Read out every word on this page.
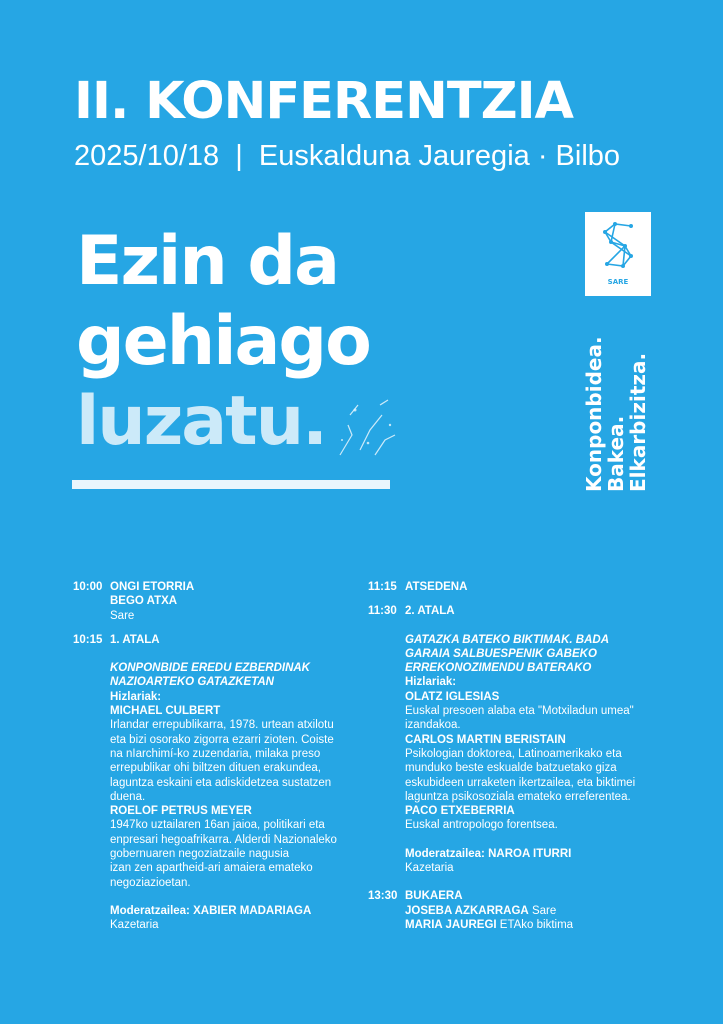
II. KONFERENTZIA
2025/10/18  |  Euskalduna Jauregia · Bilbo
Ezin da
gehiago
luzatu.
SARE
Konponbidea.
Bakea.
Elkarbizitza.
10:00 ONGI ETORRIA
BEGO ATXA
Sare
10:15 1. ATALA
KONPONBIDE EREDU EZBERDINAK
NAZIOARTEKO GATAZKETAN
Hizlariak:
MICHAEL CULBERT
Irlandar errepublikarra, 1978. urtean atxilotu
eta bizi osorako zigorra ezarri zioten. Coiste
na nIarchimí-ko zuzendaria, milaka preso
errepublikar ohi biltzen dituen erakundea,
laguntza eskaini eta adiskidetzea sustatzen
duena.
ROELOF PETRUS MEYER
1947ko uztailaren 16an jaioa, politikari eta
enpresari hegoafrikarra. Alderdi Nazionaleko
gobernuaren negoziatzaile nagusia
izan zen apartheid-ari amaiera emateko
negoziazioetan.
Moderatzailea: XABIER MADARIAGA
Kazetaria
11:15 ATSEDENA
11:30 2. ATALA
GATAZKA BATEKO BIKTIMAK. BADA
GARAIA SALBUESPENIK GABEKO
ERREKONOZIMENDU BATERAKO
Hizlariak:
OLATZ IGLESIAS
Euskal presoen alaba eta "Motxiladun umea"
izandakoa.
CARLOS MARTIN BERISTAIN
Psikologian doktorea, Latinoamerikako eta
munduko beste eskualde batzuetako giza
eskubideen urraketen ikertzailea, eta biktimei
laguntza psikosoziala emateko erreferentea.
PACO ETXEBERRIA
Euskal antropologo forentsea.
Moderatzailea: NAROA ITURRI
Kazetaria
13:30 BUKAERA
JOSEBA AZKARRAGA Sare
MARIA JAUREGI ETAko biktima
